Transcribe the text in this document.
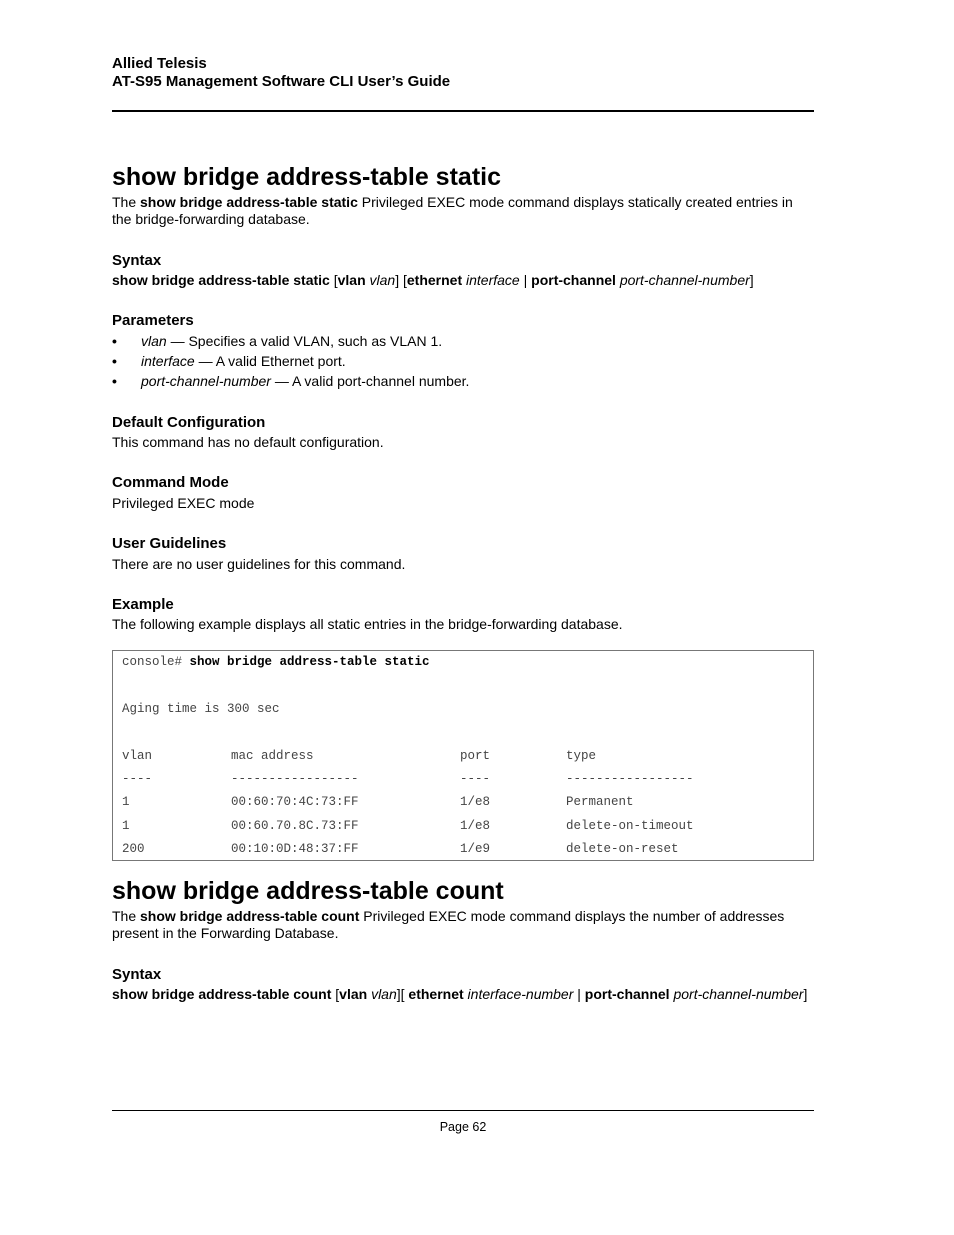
Allied Telesis
AT-S95 Management Software CLI User’s Guide
show bridge address-table static

The show bridge address-table static Privileged EXEC mode command displays statically created entries in the bridge-forwarding database.

Syntax

show bridge address-table static [vlan vlan] [ethernet interface | port-channel port-channel-number]

Parameters
• vlan — Specifies a valid VLAN, such as VLAN 1.
• interface — A valid Ethernet port.
• port-channel-number — A valid port-channel number.
Default Configuration

This command has no default configuration.

Command Mode

Privileged EXEC mode

User Guidelines

There are no user guidelines for this command.

Example

The following example displays all static entries in the bridge-forwarding database.

console# show bridge address-table static
Aging time is 300 sec
vlan	mac address	port	type
----	-----------------	----	-----------------
1	00:60:70:4C:73:FF	1/e8	Permanent
1	00:60.70.8C.73:FF	1/e8	delete-on-timeout
200	00:10:0D:48:37:FF	1/e9	delete-on-reset
show bridge address-table count

The show bridge address-table count Privileged EXEC mode command displays the number of addresses present in the Forwarding Database.

Syntax

show bridge address-table count [vlan vlan][ ethernet interface-number | port-channel port-channel-number]

Page 62
